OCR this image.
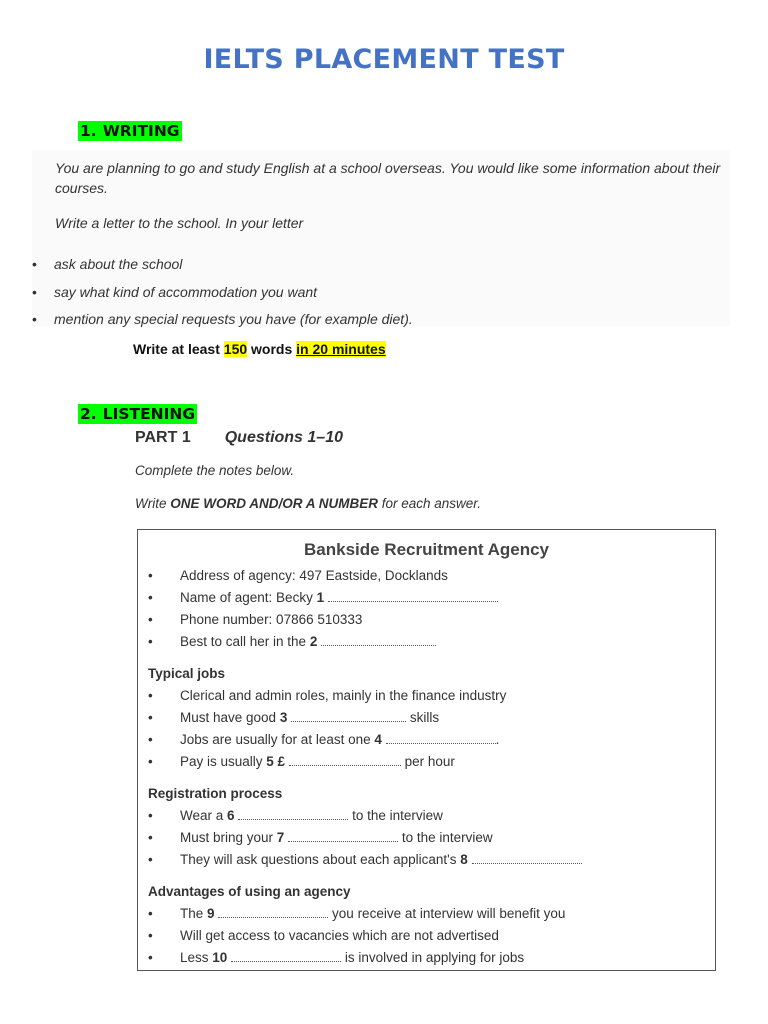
IELTS PLACEMENT TEST
1. WRITING
You are planning to go and study English at a school overseas. You would like some information about their courses.
Write a letter to the school. In your letter
• ask about the school
• say what kind of accommodation you want
• mention any special requests you have (for example diet).
Write at least 150 words in 20 minutes
2. LISTENING
PART 1 Questions 1–10
Complete the notes below.
Write ONE WORD AND/OR A NUMBER for each answer.
Bankside Recruitment Agency
• Address of agency: 497 Eastside, Docklands
• Name of agent: Becky 1
• Phone number: 07866 510333
• Best to call her in the 2
Typical jobs
• Clerical and admin roles, mainly in the finance industry
• Must have good 3	skills
• Jobs are usually for at least one 4	.
• Pay is usually 5 £	per hour
Registration process
• Wear a 6	to the interview
• Must bring your 7	to the interview
• They will ask questions about each applicant's 8
Advantages of using an agency
• The 9	you receive at interview will benefit you
• Will get access to vacancies which are not advertised
• Less 10	is involved in applying for jobs
